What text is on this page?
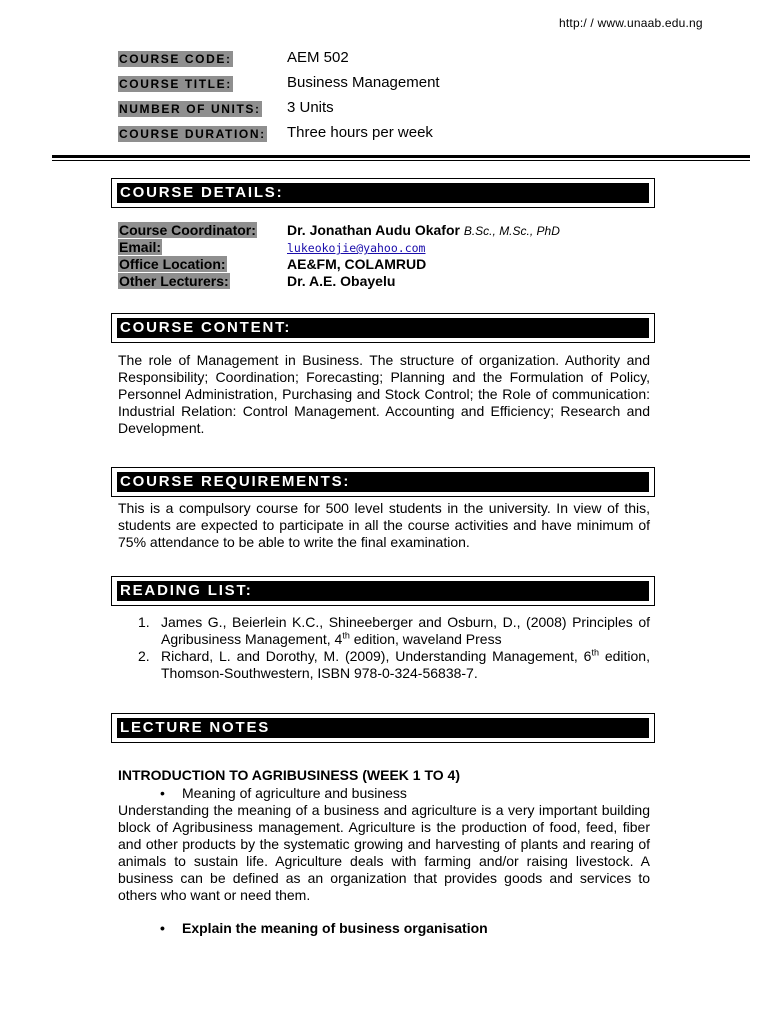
http:/ / www.unaab.edu.ng
COURSE CODE:	AEM 502
COURSE TITLE:	Business Management
NUMBER OF UNITS: 3 Units
COURSE DURATION: Three hours per week
COURSE DETAILS:
Course Coordinator: Dr. Jonathan Audu Okafor B.Sc., M.Sc., PhD
Email:	lukeokojie@yahoo.com
Office Location:	AE&FM, COLAMRUD
Other Lecturers:	Dr. A.E. Obayelu
COURSE CONTENT:
The role of Management in Business. The structure of organization. Authority and Responsibility; Coordination; Forecasting; Planning and the Formulation of Policy, Personnel Administration, Purchasing and Stock Control; the Role of communication: Industrial Relation: Control Management. Accounting and Efficiency; Research and Development.
COURSE REQUIREMENTS:
This is a compulsory course for 500 level students in the university. In view of this, students are expected to participate in all the course activities and have minimum of 75% attendance to be able to write the final examination.
READING LIST:
1. James G., Beierlein K.C., Shineeberger and Osburn, D., (2008) Principles of Agribusiness Management, 4th edition, waveland Press
2. Richard, L. and Dorothy, M. (2009), Understanding Management, 6th edition, Thomson-Southwestern, ISBN 978-0-324-56838-7.
LECTURE NOTES
INTRODUCTION TO AGRIBUSINESS (WEEK 1 TO 4)
• Meaning of agriculture and business
Understanding the meaning of a business and agriculture is a very important building block of Agribusiness management. Agriculture is the production of food, feed, fiber and other products by the systematic growing and harvesting of plants and rearing of animals to sustain life. Agriculture deals with farming and/or raising livestock. A business can be defined as an organization that provides goods and services to others who want or need them.
• Explain the meaning of business organisation
